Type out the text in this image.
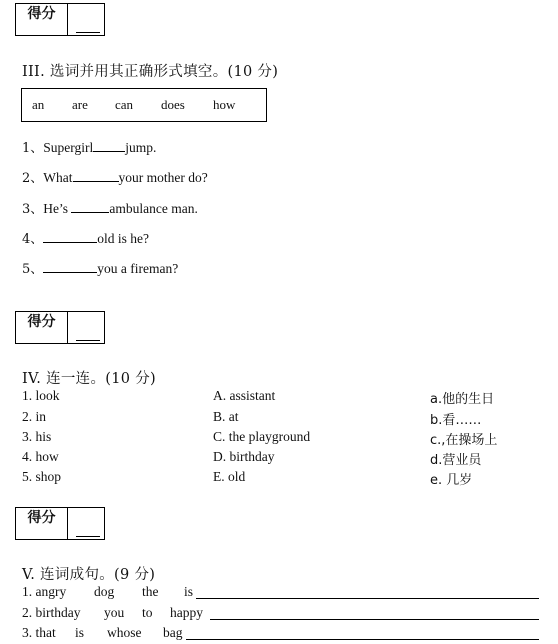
得分
III. 选词并用其正确形式填空。(10 分)
an are can does how
1、Supergirl jump.
2、What	your mother do?
3、He’s	ambulance man.
4、	old is he?
5、	you a fireman?
得分
IV. 连一连。(10 分)
1. look
2. in
3. his
4. how
5. shop
A. assistant
B. at
C. the playground
D. birthday
E. old
a.他的生日
b.看……
c.,在操场上
d.营业员
e. 几岁
得分
V. 连词成句。(9 分)
1. angry dog the is
2. birthday you to happy
3. that is whose bag
